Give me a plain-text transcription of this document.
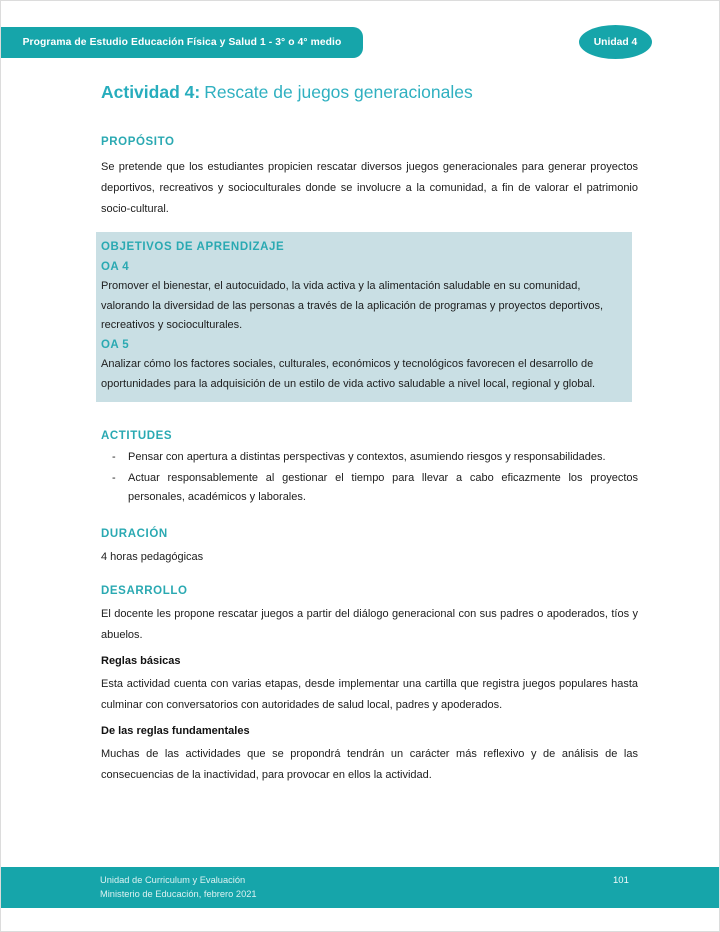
Programa de Estudio Educación Física y Salud 1 - 3° o 4° medio	Unidad 4
Actividad 4: Rescate de juegos generacionales
PROPÓSITO
Se pretende que los estudiantes propicien rescatar diversos juegos generacionales para generar proyectos deportivos, recreativos y socioculturales donde se involucre a la comunidad, a fin de valorar el patrimonio socio-cultural.
OBJETIVOS DE APRENDIZAJE
OA 4
Promover el bienestar, el autocuidado, la vida activa y la alimentación saludable en su comunidad, valorando la diversidad de las personas a través de la aplicación de programas y proyectos deportivos, recreativos y socioculturales.
OA 5
Analizar cómo los factores sociales, culturales, económicos y tecnológicos favorecen el desarrollo de oportunidades para la adquisición de un estilo de vida activo saludable a nivel local, regional y global.
ACTITUDES
-	Pensar con apertura a distintas perspectivas y contextos, asumiendo riesgos y responsabilidades.
-	Actuar responsablemente al gestionar el tiempo para llevar a cabo eficazmente los proyectos personales, académicos y laborales.
DURACIÓN
4 horas pedagógicas
DESARROLLO
El docente les propone rescatar juegos a partir del diálogo generacional con sus padres o apoderados, tíos y abuelos.
Reglas básicas
Esta actividad cuenta con varias etapas, desde implementar una cartilla que registra juegos populares hasta culminar con conversatorios con autoridades de salud local, padres y apoderados.
De las reglas fundamentales
Muchas de las actividades que se propondrá tendrán un carácter más reflexivo y de análisis de las consecuencias de la inactividad, para provocar en ellos la actividad.
Unidad de Curriculum y Evaluación
Ministerio de Educación, febrero 2021
101
